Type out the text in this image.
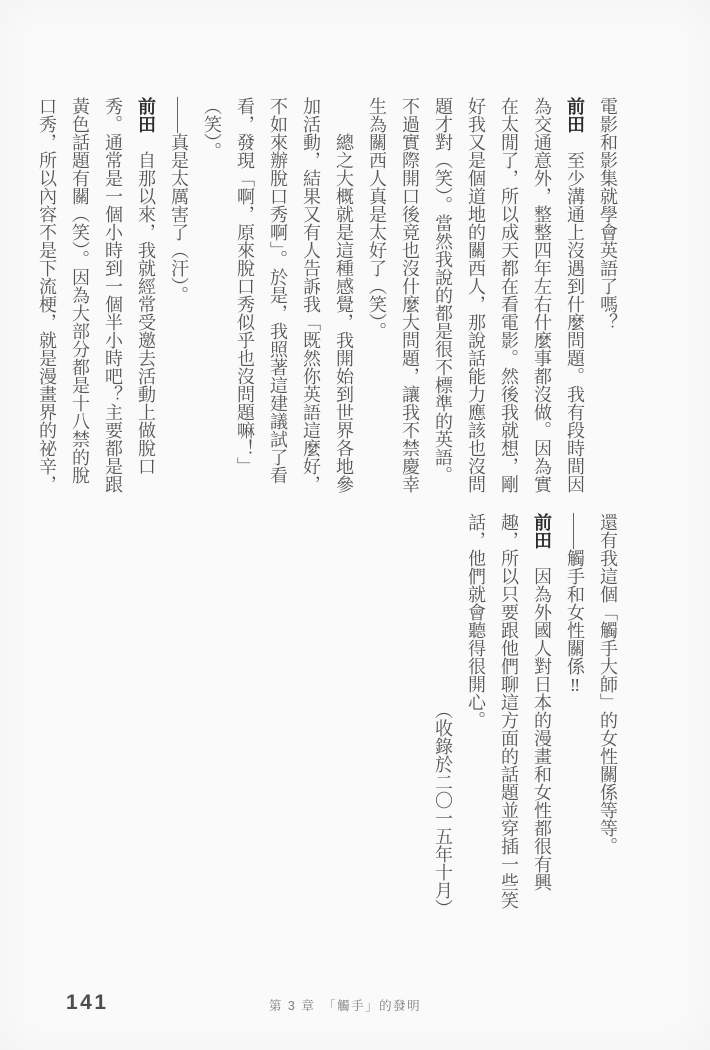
電影和影集就學會英語了嗎？

前田　至少溝通上沒遇到什麼問題。我有段時間因為交通意外，整整四年左右什麼事都沒做。因為實在太閒了，所以成天都在看電影。然後我就想，剛好我又是個道地的關西人，那說話能力應該也沒問題才對（笑）。當然我說的都是很不標準的英語。不過實際開口後竟也沒什麼大問題，讓我不禁慶幸生為關西人真是太好了（笑）。

　　總之大概就是這種感覺，我開始到世界各地參加活動，結果又有人告訴我「既然你英語這麼好，不如來辦脫口秀啊」。於是，我照著這建議試了看看，發現「啊，原來脫口秀似乎也沒問題嘛！」（笑）。

——真是太厲害了（汗）。

前田　自那以來，我就經常受邀去活動上做脫口秀。通常是一個小時到一個半小時吧？主要都是跟黃色話題有關（笑）。因為大部分都是十八禁的脫口秀，所以內容不是下流梗，就是漫畫界的祕辛，

還有我這個「觸手大師」的女性關係等等。

——觸手和女性關係‼

前田　因為外國人對日本的漫畫和女性都很有興趣，所以只要跟他們聊這方面的話題並穿插一些笑話，他們就會聽得很開心。

（收錄於二〇一五年十月）

141	第 3 章　「觸手」的發明
